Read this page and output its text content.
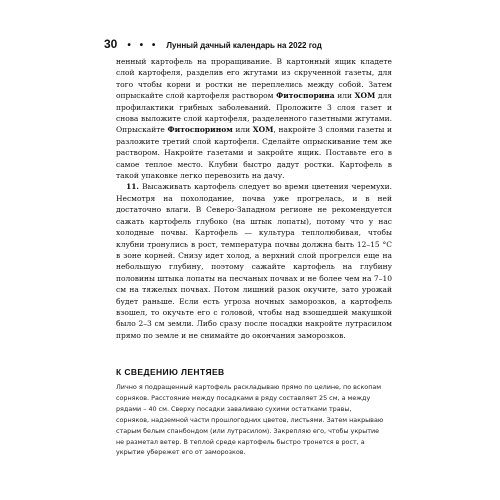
30 • • • Лунный дачный календарь на 2022 год

ненный картофель на проращивание. В картонный ящик кладете слой картофеля, разделив его жгутами из скрученной газеты, для того чтобы корни и ростки не переплелись между собой. Затем опрыскайте слой картофеля раствором Фитоспорина или ХОМ для профилактики грибных заболеваний. Проложите 3 слоя газет и снова выложите слой картофеля, разделенного газетными жгутами. Опрыскайте Фитоспорином или ХОМ, накройте 3 слоями газеты и разложите третий слой картофеля. Сделайте опрыскивание тем же раствором. Накройте газетами и закройте ящик. Поставьте его в самое теплое место. Клубни быстро дадут ростки. Картофель в такой упаковке легко перевозить на дачу.

11. Высаживать картофель следует во время цветения черемухи. Несмотря на похолодание, почва уже прогрелась, и в ней достаточно влаги. В Северо-Западном регионе не рекомендуется сажать картофель глубоко (на штык лопаты), потому что у нас холодные почвы. Картофель — культура теплолюбивая, чтобы клубни тронулись в рост, температура почвы должна быть 12–15 °С в зоне корней. Снизу идет холод, а верхний слой прогрелся еще на небольшую глубину, поэтому сажайте картофель на глубину половины штыка лопаты на песчаных почвах и не более чем на 7–10 см на тяжелых почвах. Потом лишний разок окучите, зато урожай будет раньше. Если есть угроза ночных заморозков, а картофель взошел, то окучьте его с головой, чтобы над взошедшей макушкой было 2–3 см земли. Либо сразу после посадки накройте лутрасилом прямо по земле и не снимайте до окончания заморозков.

К СВЕДЕНИЮ ЛЕНТЯЕВ

Лично я подращенный картофель раскладываю прямо по целине, по вскопам сорняков. Расстояние между посадками в ряду составляет 25 см, а между рядами – 40 см. Сверху посадки заваливаю сухими остатками травы, сорняков, надземной части прошлогодних цветов, листьями. Затем накрываю старым белым спанбондом (или лутрасилом). Закрепляю его, чтобы укрытие не разметал ветер. В теплой среде картофель быстро тронется в рост, а укрытие убережет его от заморозков.
